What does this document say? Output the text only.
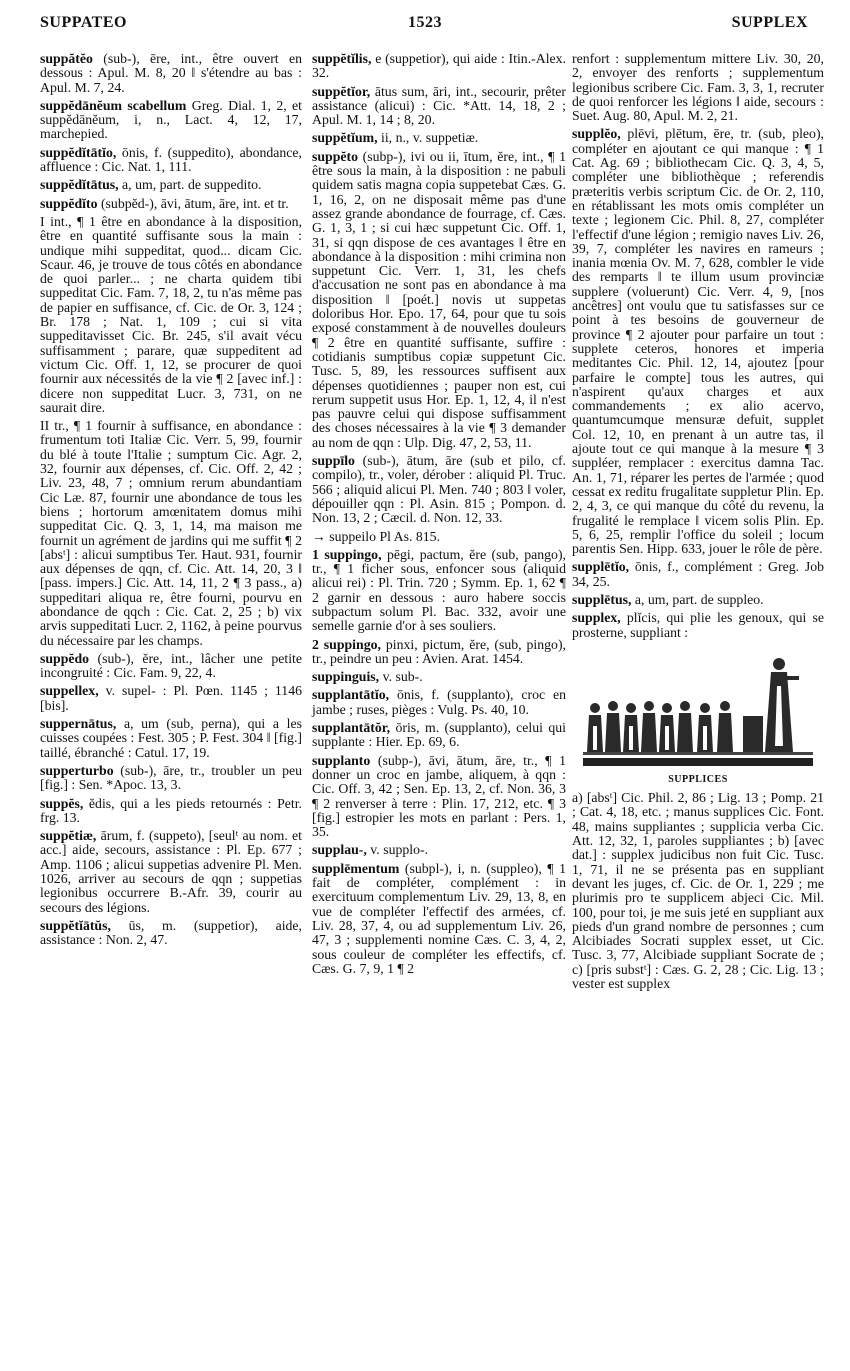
SUPPATEO	1523	SUPPLEX

suppătĕo (sub-), ēre, int., être ouvert en dessous : Apul. M. 8, 20 ‖ s'étendre au bas : Apul. M. 7, 24.

suppĕdānĕum scabellum Greg. Dial. 1, 2, et suppĕdānĕum, i, n., Lact. 4, 12, 17, marchepied.

suppĕdĭtātĭo, ōnis, f. (suppedito), abondance, affluence : Cic. Nat. 1, 111.

suppĕdĭtātus, a, um, part. de suppedito.

suppĕdĭto (subpĕd-), āvi, ātum, āre, int. et tr.

I int., ¶ 1 être en abondance à la disposition, être en quantité suffisante sous la main : undique mihi suppeditat, quod... dicam Cic. Scaur. 46, je trouve de tous côtés en abondance de quoi parler... ; ne charta quidem tibi suppeditat Cic. Fam. 7, 18, 2, tu n'as même pas de papier en suffisance, cf. Cic. de Or. 3, 124 ; Br. 178 ; Nat. 1, 109 ; cui si vita suppeditavisset Cic. Br. 245, s'il avait vécu suffisamment ; parare, quæ suppeditent ad victum Cic. Off. 1, 12, se procurer de quoi fournir aux nécessités de la vie ¶ 2 [avec inf.] : dicere non suppeditat Lucr. 3, 731, on ne saurait dire.

II tr., ¶ 1 fournir à suffisance, en abondance : frumentum toti Italiæ Cic. Verr. 5, 99, fournir du blé à toute l'Italie ; sumptum Cic. Agr. 2, 32, fournir aux dépenses, cf. Cic. Off. 2, 42 ; Liv. 23, 48, 7 ; omnium rerum abundantiam Cic Læ. 87, fournir une abondance de tous les biens ; hortorum amœnitatem domus mihi suppeditat Cic. Q. 3, 1, 14, ma maison me fournit un agrément de jardins qui me suffit ¶ 2 [absᵗ] : alicui sumptibus Ter. Haut. 931, fournir aux dépenses de qqn, cf. Cic. Att. 14, 20, 3 ‖ [pass. impers.] Cic. Att. 14, 11, 2 ¶ 3 pass., a) suppeditari aliqua re, être fourni, pourvu en abondance de qqch : Cic. Cat. 2, 25 ; b) vix arvis suppeditati Lucr. 2, 1162, à peine pourvus du nécessaire par les champs.

suppĕdo (sub-), ĕre, int., lâcher une petite incongruité : Cic. Fam. 9, 22, 4.

suppellex, v. supel- : Pl. Pœn. 1145 ; 1146 [bis].

suppernātus, a, um (sub, perna), qui a les cuisses coupées : Fest. 305 ; P. Fest. 304 ‖ [fig.] taillé, ébranché : Catul. 17, 19.

supperturbo (sub-), āre, tr., troubler un peu [fig.] : Sen. *Apoc. 13, 3.

suppĕs, ĕdis, qui a les pieds retournés : Petr. frg. 13.

suppĕtiæ, ārum, f. (suppeto), [seulᵗ au nom. et acc.] aide, secours, assistance : Pl. Ep. 677 ; Amp. 1106 ; alicui suppetias advenire Pl. Men. 1026, arriver au secours de qqn ; suppetias legionibus occurrere B.-Afr. 39, courir au secours des légions.

suppĕtĭātŭs, ūs, m. (suppetior), aide, assistance : Non. 2, 47.

suppĕtĭlis, e (suppetior), qui aide : Itin.-Alex. 32.

suppĕtĭor, ātus sum, āri, int., secourir, prêter assistance (alicui) : Cic. *Att. 14, 18, 2 ; Apul. M. 1, 14 ; 8, 20.

suppĕtĭum, ii, n., v. suppetiæ.

suppĕto (subp-), ivi ou ii, ītum, ĕre, int., ¶ 1 être sous la main, à la disposition : ne pabuli quidem satis magna copia suppetebat Cæs. G. 1, 16, 2, on ne disposait même pas d'une assez grande abondance de fourrage, cf. Cæs. G. 1, 3, 1 ; si cui hæc suppetunt Cic. Off. 1, 31, si qqn dispose de ces avantages ‖ être en abondance à la disposition : mihi crimina non suppetunt Cic. Verr. 1, 31, les chefs d'accusation ne sont pas en abondance à ma disposition ‖ [poét.] novis ut suppetas doloribus Hor. Epo. 17, 64, pour que tu sois exposé constamment à de nouvelles douleurs ¶ 2 être en quantité suffisante, suffire : cotidianis sumptibus copiæ suppetunt Cic. Tusc. 5, 89, les ressources suffisent aux dépenses quotidiennes ; pauper non est, cui rerum suppetit usus Hor. Ep. 1, 12, 4, il n'est pas pauvre celui qui dispose suffisamment des choses nécessaires à la vie ¶ 3 demander au nom de qqn : Ulp. Dig. 47, 2, 53, 11.

suppīlo (sub-), ātum, āre (sub et pilo, cf. compilo), tr., voler, dérober : aliquid Pl. Truc. 566 ; aliquid alicui Pl. Men. 740 ; 803 ‖ voler, dépouiller qqn : Pl. Asin. 815 ; Pompon. d. Non. 13, 2 ; Cæcil. d. Non. 12, 33.

→ suppeilo Pl As. 815.

1 suppingo, pēgi, pactum, ĕre (sub, pango), tr., ¶ 1 ficher sous, enfoncer sous (aliquid alicui rei) : Pl. Trin. 720 ; Symm. Ep. 1, 62 ¶ 2 garnir en dessous : auro habere soccis subpactum solum Pl. Bac. 332, avoir une semelle garnie d'or à ses souliers.

2 suppingo, pinxi, pictum, ĕre, (sub, pingo), tr., peindre un peu : Avien. Arat. 1454.

suppinguis, v. sub-.

supplantātĭo, ōnis, f. (supplanto), croc en jambe ; ruses, pièges : Vulg. Ps. 40, 10.

supplantātŏr, ōris, m. (supplanto), celui qui supplante : Hier. Ep. 69, 6.

supplanto (subp-), āvi, ātum, āre, tr., ¶ 1 donner un croc en jambe, aliquem, à qqn : Cic. Off. 3, 42 ; Sen. Ep. 13, 2, cf. Non. 36, 3 ¶ 2 renverser à terre : Plin. 17, 212, etc. ¶ 3 [fig.] estropier les mots en parlant : Pers. 1, 35.

supplau-, v. supplo-.

supplēmentum (subpl-), i, n. (suppleo), ¶ 1 fait de compléter, complément : in exercituum complementum Liv. 29, 13, 8, en vue de compléter l'effectif des armées, cf. Liv. 28, 37, 4, ou ad supplementum Liv. 26, 47, 3 ; supplementi nomine Cæs. C. 3, 4, 2, sous couleur de compléter les effectifs, cf. Cæs. G. 7, 9, 1 ¶ 2

renfort : supplementum mittere Liv. 30, 20, 2, envoyer des renforts ; supplementum legionibus scribere Cic. Fam. 3, 3, 1, recruter de quoi renforcer les légions ‖ aide, secours : Suet. Aug. 80, Apul. M. 2, 21.

supplĕo, plēvi, plētum, ēre, tr. (sub, pleo), compléter en ajoutant ce qui manque : ¶ 1 Cat. Ag. 69 ; bibliothecam Cic. Q. 3, 4, 5, compléter une bibliothèque ; referendis præteritis verbis scriptum Cic. de Or. 2, 110, en rétablissant les mots omis compléter un texte ; legionem Cic. Phil. 8, 27, compléter l'effectif d'une légion ; remigio naves Liv. 26, 39, 7, compléter les navires en rameurs ; inania mœnia Ov. M. 7, 628, combler le vide des remparts ‖ te illum usum provinciæ supplere (voluerunt) Cic. Verr. 4, 9, [nos ancêtres] ont voulu que tu satisfasses sur ce point à tes besoins de gouverneur de province ¶ 2 ajouter pour parfaire un tout : supplete ceteros, honores et imperia meditantes Cic. Phil. 12, 14, ajoutez [pour parfaire le compte] tous les autres, qui n'aspirent qu'aux charges et aux commandements ; ex alio acervo, quantumcumque mensuræ defuit, supplet Col. 12, 10, en prenant à un autre tas, il ajoute tout ce qui manque à la mesure ¶ 3 suppléer, remplacer : exercitus damna Tac. An. 1, 71, réparer les pertes de l'armée ; quod cessat ex reditu frugalitate suppletur Plin. Ep. 2, 4, 3, ce qui manque du côté du revenu, la frugalité le remplace ‖ vicem solis Plin. Ep. 5, 6, 25, remplir l'office du soleil ; locum parentis Sen. Hipp. 633, jouer le rôle de père.

supplētĭo, ōnis, f., complément : Greg. Job 34, 25.

supplētus, a, um, part. de suppleo.

supplex, plĭcis, qui plie les genoux, qui se prosterne, suppliant :

SUPPLICES

a) [absᵗ] Cic. Phil. 2, 86 ; Lig. 13 ; Pomp. 21 ; Cat. 4, 18, etc. ; manus supplices Cic. Font. 48, mains suppliantes ; supplicia verba Cic. Att. 12, 32, 1, paroles suppliantes ; b) [avec dat.] : supplex judicibus non fuit Cic. Tusc. 1, 71, il ne se présenta pas en suppliant devant les juges, cf. Cic. de Or. 1, 229 ; me plurimis pro te supplicem abjeci Cic. Mil. 100, pour toi, je me suis jeté en suppliant aux pieds d'un grand nombre de personnes ; cum Alcibiades Socrati supplex esset, ut Cic. Tusc. 3, 77, Alcibiade suppliant Socrate de ; c) [pris substᵗ] : Cæs. G. 2, 28 ; Cic. Lig. 13 ; vester est supplex
